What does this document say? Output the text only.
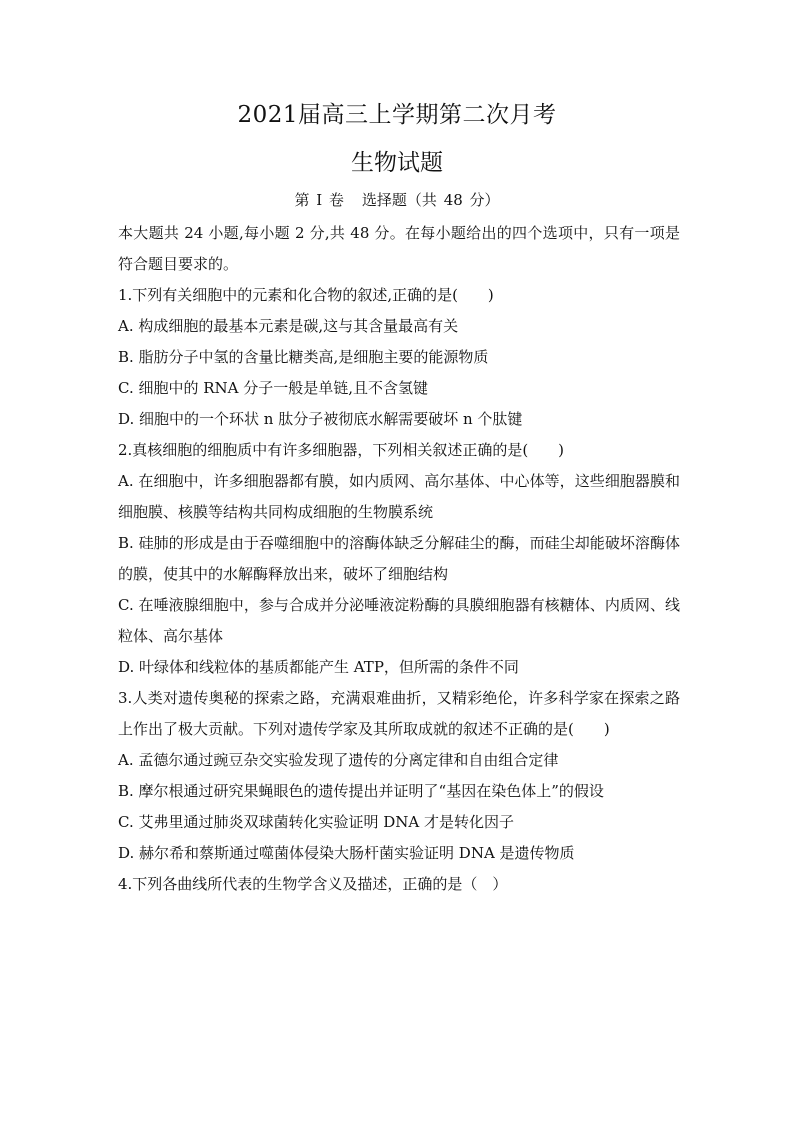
2021届高三上学期第二次月考
生物试题
第 I 卷 选择题（共 48 分）

本大题共 24 小题,每小题 2 分,共 48 分。在每小题给出的四个选项中，只有一项是符合题目要求的。

1.下列有关细胞中的元素和化合物的叙述,正确的是(　　)

A. 构成细胞的最基本元素是碳,这与其含量最高有关

B. 脂肪分子中氢的含量比糖类高,是细胞主要的能源物质

C. 细胞中的 RNA 分子一般是单链,且不含氢键

D. 细胞中的一个环状 n 肽分子被彻底水解需要破坏 n 个肽键

2.真核细胞的细胞质中有许多细胞器，下列相关叙述正确的是(　　)

A. 在细胞中，许多细胞器都有膜，如内质网、高尔基体、中心体等，这些细胞器膜和细胞膜、核膜等结构共同构成细胞的生物膜系统

B. 硅肺的形成是由于吞噬细胞中的溶酶体缺乏分解硅尘的酶，而硅尘却能破坏溶酶体的膜，使其中的水解酶释放出来，破坏了细胞结构

C. 在唾液腺细胞中，参与合成并分泌唾液淀粉酶的具膜细胞器有核糖体、内质网、线粒体、高尔基体

D. 叶绿体和线粒体的基质都能产生 ATP，但所需的条件不同

3.人类对遗传奥秘的探索之路，充满艰难曲折，又精彩绝伦，许多科学家在探索之路上作出了极大贡献。下列对遗传学家及其所取成就的叙述不正确的是(　　)

A. 孟德尔通过豌豆杂交实验发现了遗传的分离定律和自由组合定律

B. 摩尔根通过研究果蝇眼色的遗传提出并证明了“基因在染色体上”的假设

C. 艾弗里通过肺炎双球菌转化实验证明 DNA 才是转化因子

D. 赫尔希和蔡斯通过噬菌体侵染大肠杆菌实验证明 DNA 是遗传物质

4.下列各曲线所代表的生物学含义及描述，正确的是（　）
